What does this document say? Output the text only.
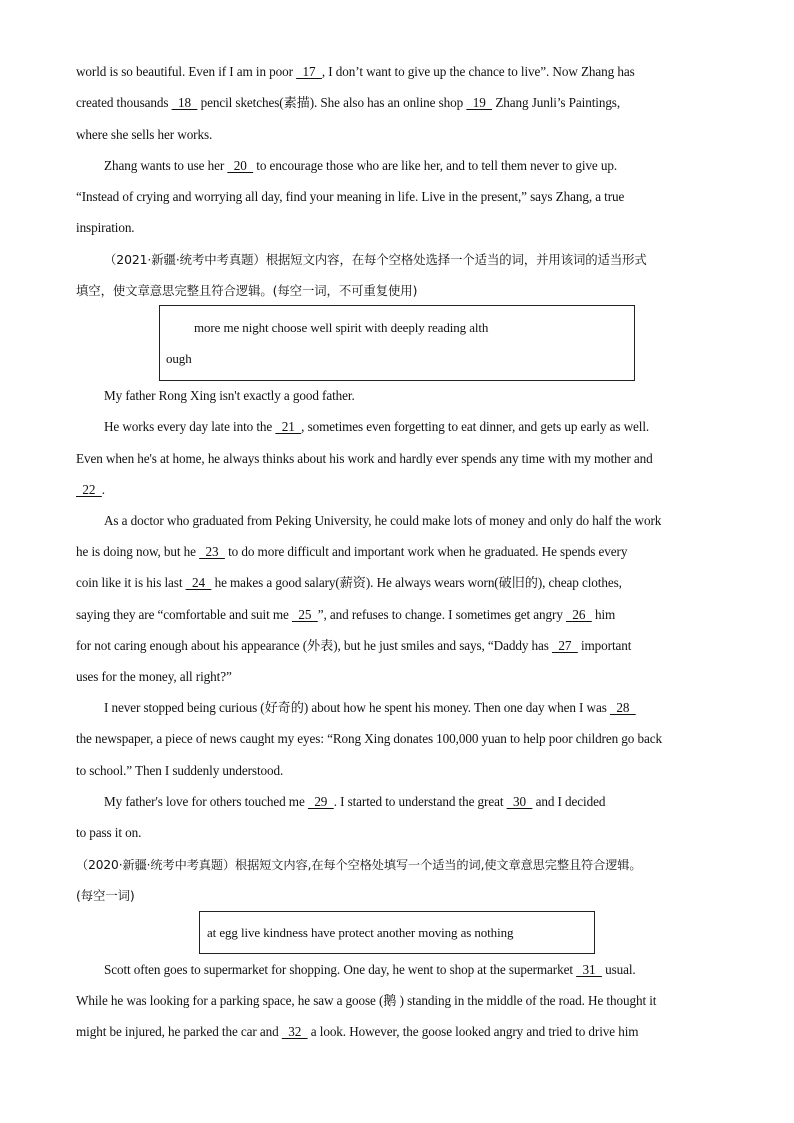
world is so beautiful. Even if I am in poor   17  , I don’t want to give up the chance to live”. Now Zhang has
created thousands   18   pencil sketches(素描). She also has an online shop   19   Zhang Junli’s Paintings,
where she sells her works.
Zhang wants to use her   20   to encourage those who are like her, and to tell them never to give up.
“Instead of crying and worrying all day, find your meaning in life. Live in the present,” says Zhang, a true
inspiration.
（2021·新疆·统考中考真题）根据短文内容，在每个空格处选择一个适当的词，并用该词的适当形式
填空，使文章意思完整且符合逻辑。(每空一词，不可重复使用)
more me night choose well spirit with deeply reading alth
ough
My father Rong Xing isn't exactly a good father.
He works every day late into the   21  , sometimes even forgetting to eat dinner, and gets up early as well.
Even when he's at home, he always thinks about his work and hardly ever spends any time with my mother and
22  .
As a doctor who graduated from Peking University, he could make lots of money and only do half the work
he is doing now, but he   23   to do more difficult and important work when he graduated. He spends every
coin like it is his last   24   he makes a good salary(薪资). He always wears worn(破旧的), cheap clothes,
saying they are “comfortable and suit me   25  ”, and refuses to change. I sometimes get angry   26   him
for not caring enough about his appearance (外表), but he just smiles and says, “Daddy has   27   important
uses for the money, all right?”
I never stopped being curious (好奇的) about how he spent his money. Then one day when I was   28
the newspaper, a piece of news caught my eyes: “Rong Xing donates 100,000 yuan to help poor children go back
to school.” Then I suddenly understood.
My father's love for others touched me   29  . I started to understand the great   30   and I decided
to pass it on.
（2020·新疆·统考中考真题）根据短文内容,在每个空格处填写一个适当的词,使文章意思完整且符合逻辑。
(每空一词)
at egg live kindness have protect another moving as nothing
Scott often goes to supermarket for shopping. One day, he went to shop at the supermarket   31   usual.
While he was looking for a parking space, he saw a goose (鹅 ) standing in the middle of the road. He thought it
might be injured, he parked the car and   32   a look. However, the goose looked angry and tried to drive him
